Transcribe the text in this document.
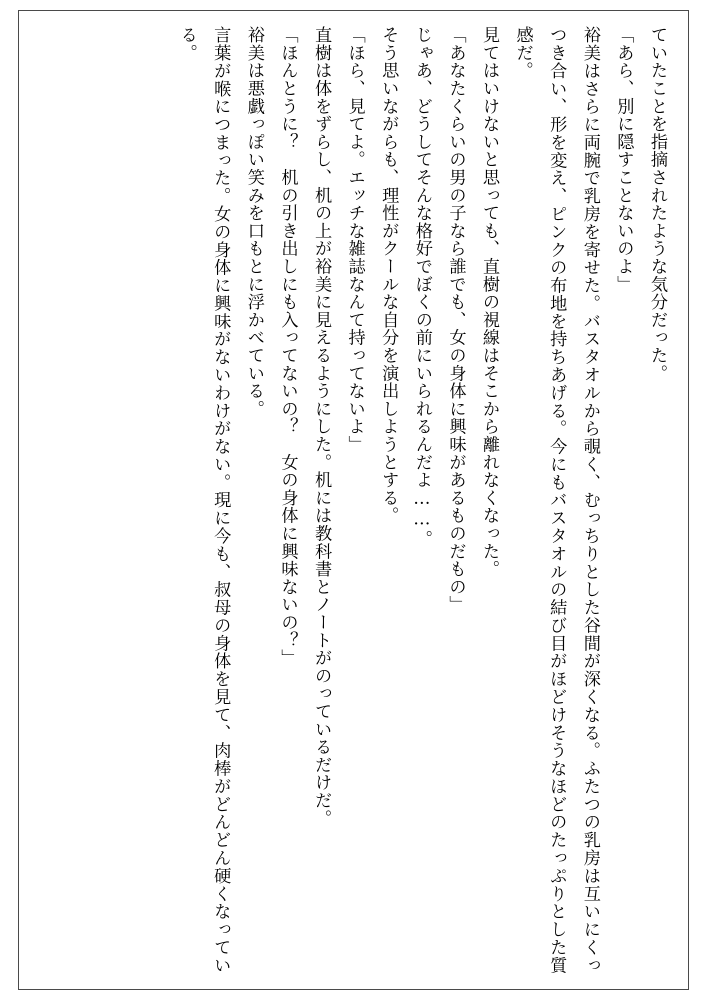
ていたことを指摘されたような気分だった。

「あら、別に隠すことないのよ」

裕美はさらに両腕で乳房を寄せた。バスタオルから覗く、むっちりとした谷間が深くなる。ふたつの乳房は互いにくっつき合い、形を変え、ピンクの布地を持ちあげる。今にもバスタオルの結び目がほどけそうなほどのたっぷりとした質感だ。

見てはいけないと思っても、直樹の視線はそこから離れなくなった。

「あなたくらいの男の子なら誰でも、女の身体に興味があるものだもの」

じゃあ、どうしてそんな格好でぼくの前にいられるんだよ……。

そう思いながらも、理性がクールな自分を演出しようとする。

「ほら、見てよ。エッチな雑誌なんて持ってないよ」

直樹は体をずらし、机の上が裕美に見えるようにした。机には教科書とノートがのっているだけだ。

「ほんとうに？　机の引き出しにも入ってないの？　女の身体に興味ないの？」

裕美は悪戯っぽい笑みを口もとに浮かべている。

言葉が喉につまった。女の身体に興味がないわけがない。現に今も、叔母の身体を見て、肉棒がどんどん硬くなっている。
